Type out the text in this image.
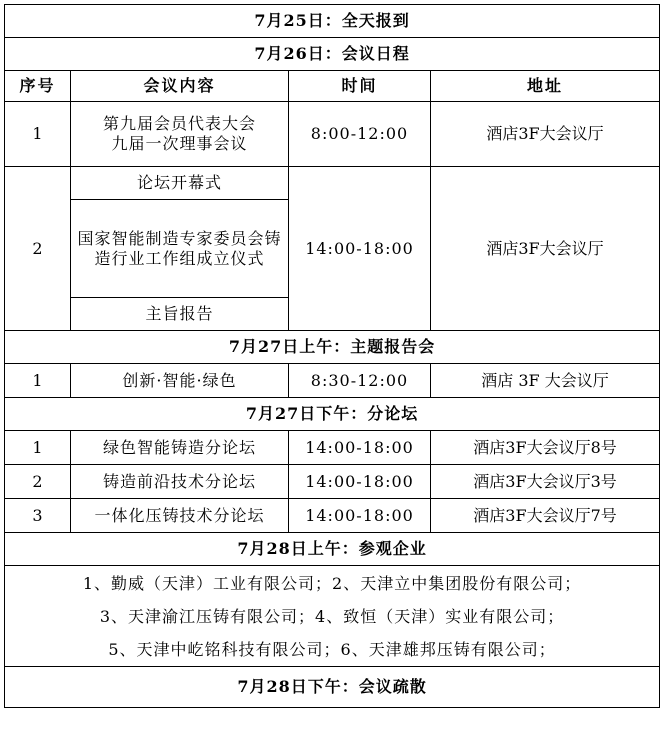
7月25日：全天报到			
7月26日：会议日程			
序号	会议内容	时间	地址
1	第九届会员代表大会
九届一次理事会议	8:00-12:00	酒店3F大会议厅
2	论坛开幕式	14:00-18:00	酒店3F大会议厅
	国家智能制造专家委员会铸造行业工作组成立仪式		
	主旨报告		
7月27日上午：主题报告会			
1	创新·智能·绿色	8:30-12:00	酒店 3F 大会议厅
7月27日下午：分论坛			
1	绿色智能铸造分论坛	14:00-18:00	酒店3F大会议厅8号
2	铸造前沿技术分论坛	14:00-18:00	酒店3F大会议厅3号
3	一体化压铸技术分论坛	14:00-18:00	酒店3F大会议厅7号
7月28日上午：参观企业			

1、勤威（天津）工业有限公司；2、天津立中集团股份有限公司；
3、天津渝江压铸有限公司；4、致恒（天津）实业有限公司；
5、天津中屹铭科技有限公司；6、天津雄邦压铸有限公司；			

7月28日下午：会议疏散			
